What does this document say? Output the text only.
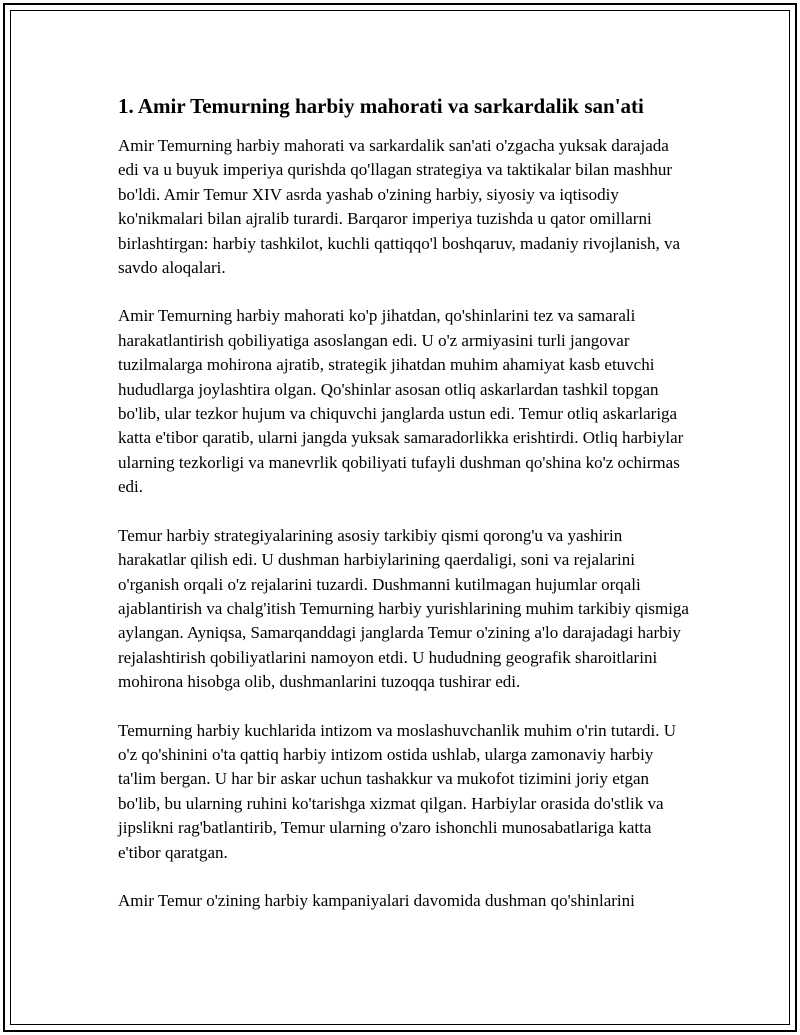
1. Amir Temurning harbiy mahorati va sarkardalik san'ati

Amir Temurning harbiy mahorati va sarkardalik san'ati o'zgacha yuksak darajada edi va u buyuk imperiya qurishda qo'llagan strategiya va taktikalar bilan mashhur bo'ldi. Amir Temur XIV asrda yashab o'zining harbiy, siyosiy va iqtisodiy ko'nikmalari bilan ajralib turardi. Barqaror imperiya tuzishda u qator omillarni birlashtirgan: harbiy tashkilot, kuchli qattiqqo'l boshqaruv, madaniy rivojlanish, va savdo aloqalari.

Amir Temurning harbiy mahorati ko'p jihatdan, qo'shinlarini tez va samarali harakatlantirish qobiliyatiga asoslangan edi. U o'z armiyasini turli jangovar tuzilmalarga mohirona ajratib, strategik jihatdan muhim ahamiyat kasb etuvchi hududlarga joylashtira olgan. Qo'shinlar asosan otliq askarlardan tashkil topgan bo'lib, ular tezkor hujum va chiquvchi janglarda ustun edi. Temur otliq askarlariga katta e'tibor qaratib, ularni jangda yuksak samaradorlikka erishtirdi. Otliq harbiylar ularning tezkorligi va manevrlik qobiliyati tufayli dushman qo'shina ko'z ochirmas edi.

Temur harbiy strategiyalarining asosiy tarkibiy qismi qorong'u va yashirin harakatlar qilish edi. U dushman harbiylarining qaerdaligi, soni va rejalarini o'rganish orqali o'z rejalarini tuzardi. Dushmanni kutilmagan hujumlar orqali ajablantirish va chalg'itish Temurning harbiy yurishlarining muhim tarkibiy qismiga aylangan. Ayniqsa, Samarqanddagi janglarda Temur o'zining a'lo darajadagi harbiy rejalashtirish qobiliyatlarini namoyon etdi. U hududning geografik sharoitlarini mohirona hisobga olib, dushmanlarini tuzoqqa tushirar edi.

Temurning harbiy kuchlarida intizom va moslashuvchanlik muhim o'rin tutardi. U o'z qo'shinini o'ta qattiq harbiy intizom ostida ushlab, ularga zamonaviy harbiy ta'lim bergan. U har bir askar uchun tashakkur va mukofot tizimini joriy etgan bo'lib, bu ularning ruhini ko'tarishga xizmat qilgan. Harbiylar orasida do'stlik va jipslikni rag'batlantirib, Temur ularning o'zaro ishonchli munosabatlariga katta e'tibor qaratgan.

Amir Temur o'zining harbiy kampaniyalari davomida dushman qo'shinlarini
